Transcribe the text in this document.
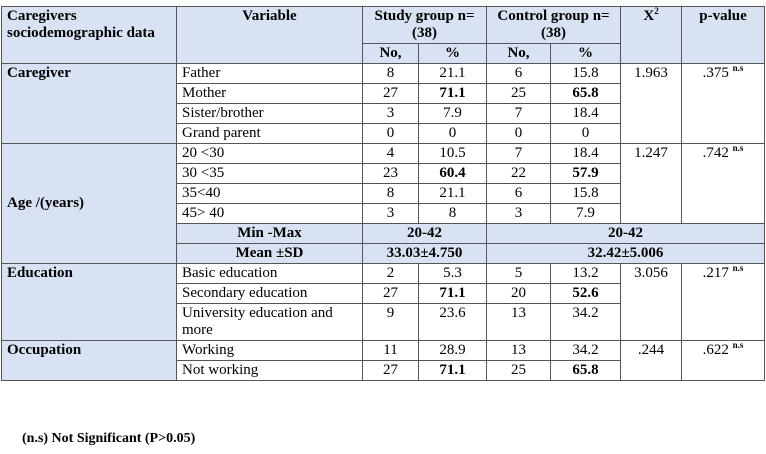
Caregivers sociodemographic data	Variable	Study group n= (38)		Control group n= (38)		$X^2$	p-value
		No,	%	No,	%		
Caregiver	Father	8	21.1	6	15.8	1.963	.375 $^{n.s}$
	Mother	27	71.1	25	65.8		
	Sister/brother	3	7.9	7	18.4		
	Grand parent	0	0	0	0		
Age /(years)	20 <30	4	10.5	7	18.4	1.247	.742 $^{n.s}$
	30 <35	23	60.4	22	57.9		
	35<40	8	21.1	6	15.8		
	45> 40	3	8	3	7.9		
	Min -Max	20-42		20-42			
	Mean ±SD	33.03±4.750		32.42±5.006			
Education	Basic education	2	5.3	5	13.2	3.056	.217 $^{n.s}$
	Secondary education	27	71.1	20	52.6		
	University education and more	9	23.6	13	34.2		
Occupation	Working	11	28.9	13	34.2	.244	.622 $^{n.s}$
	Not working	27	71.1	25	65.8		
(n.s) Not Significant (P>0.05)
